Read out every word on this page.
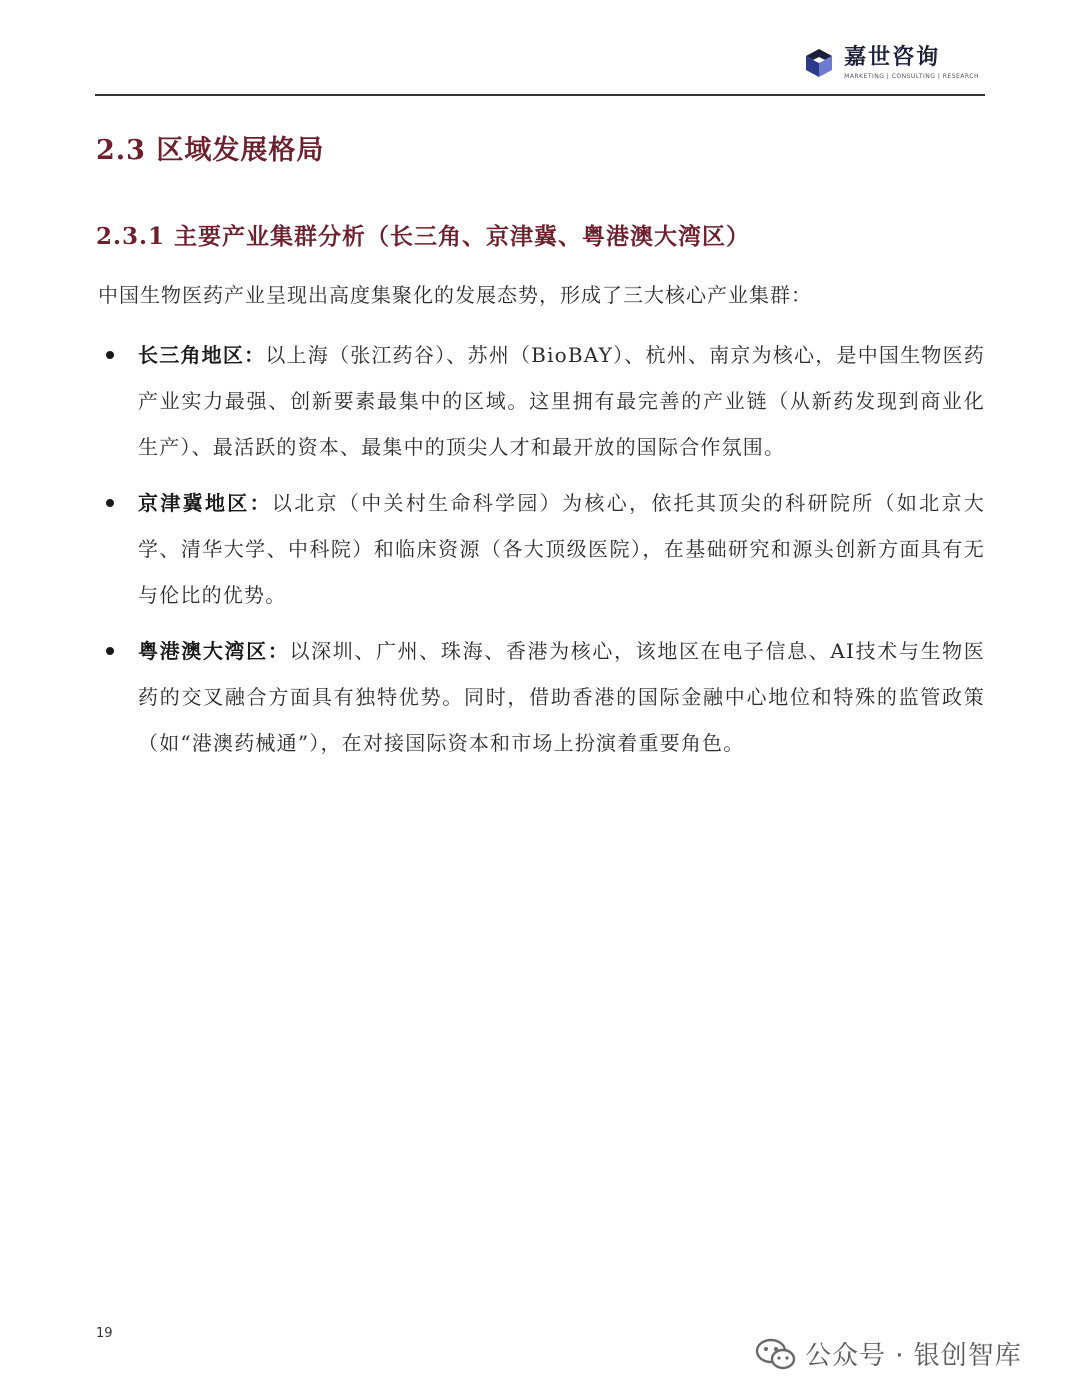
嘉世咨询
MARKETING | CONSULTING | RESEARCH
2.3 区域发展格局
2.3.1 主要产业集群分析（长三角、京津冀、粤港澳大湾区）

中国生物医药产业呈现出高度集聚化的发展态势，形成了三大核心产业集群：

长三角地区：以上海（张江药谷）、苏州（BioBAY）、杭州、南京为核心，是中国生物医药产业实力最强、创新要素最集中的区域。这里拥有最完善的产业链（从新药发现到商业化生产）、最活跃的资本、最集中的顶尖人才和最开放的国际合作氛围。
京津冀地区：以北京（中关村生命科学园）为核心，依托其顶尖的科研院所（如北京大学、清华大学、中科院）和临床资源（各大顶级医院），在基础研究和源头创新方面具有无与伦比的优势。
粤港澳大湾区：以深圳、广州、珠海、香港为核心，该地区在电子信息、AI技术与生物医药的交叉融合方面具有独特优势。同时，借助香港的国际金融中心地位和特殊的监管政策（如“港澳药械通”），在对接国际资本和市场上扮演着重要角色。
19
公众号 · 银创智库
